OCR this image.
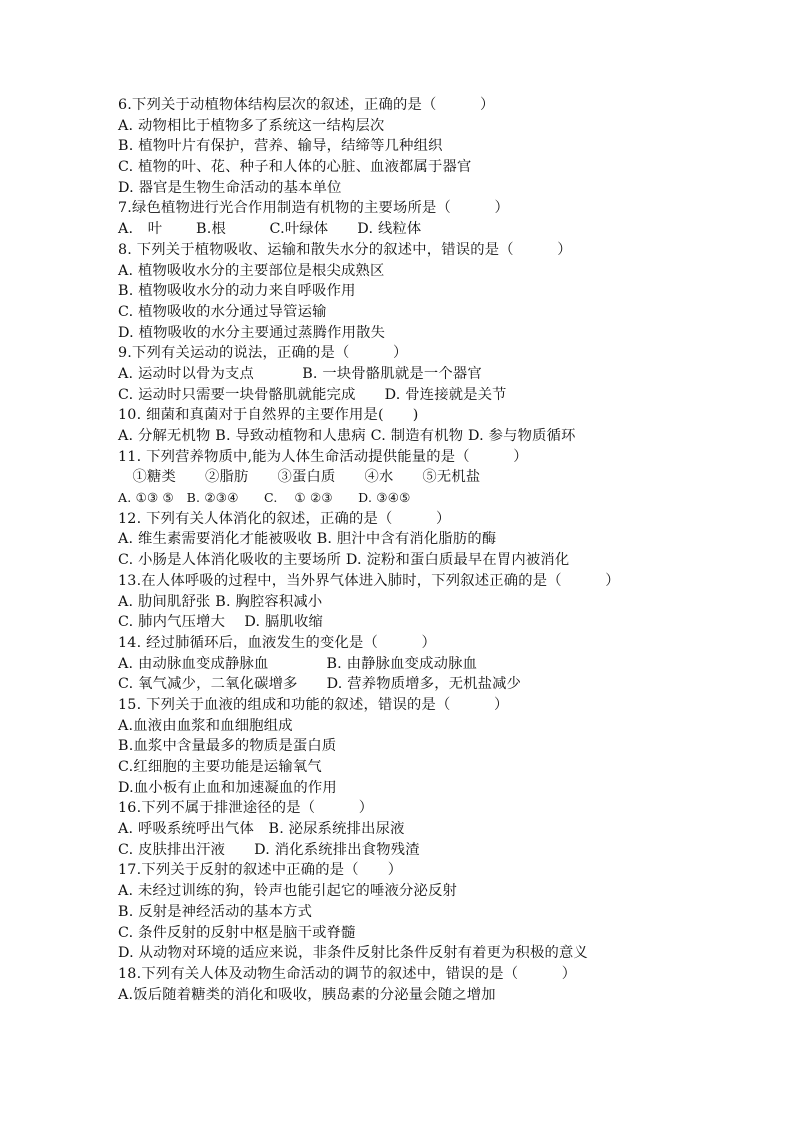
6.下列关于动植物体结构层次的叙述，正确的是（　　　）
A. 动物相比于植物多了系统这一结构层次
B. 植物叶片有保护，营养、输导，结缔等几种组织
C. 植物的叶、花、种子和人体的心脏、血液都属于器官
D. 器官是生物生命活动的基本单位
7.绿色植物进行光合作用制造有机物的主要场所是（　　　）
A.　叶　　 B.根　　　C.叶绿体　　D. 线粒体
8. 下列关于植物吸收、运输和散失水分的叙述中，错误的是（　　　）
A. 植物吸收水分的主要部位是根尖成熟区
B. 植物吸收水分的动力来自呼吸作用
C. 植物吸收的水分通过导管运输
D. 植物吸收的水分主要通过蒸腾作用散失
9.下列有关运动的说法，正确的是（　　　）
A. 运动时以骨为支点　　　 B. 一块骨骼肌就是一个器官
C. 运动时只需要一块骨骼肌就能完成　　D. 骨连接就是关节
10. 细菌和真菌对于自然界的主要作用是(　　)
A. 分解无机物 B. 导致动植物和人患病 C. 制造有机物 D. 参与物质循环
11. 下列营养物质中,能为人体生命活动提供能量的是（　　　）
　①糖类　　②脂肪　　③蛋白质　　④水　　⑤无机盐
A. ①③ ⑤　B. ②③④　　C.　 ① ②③　　D. ③④⑤
12. 下列有关人体消化的叙述，正确的是（　　　）
A. 维生素需要消化才能被吸收 B. 胆汁中含有消化脂肪的酶
C. 小肠是人体消化吸收的主要场所 D. 淀粉和蛋白质最早在胃内被消化
13.在人体呼吸的过程中，当外界气体进入肺时，下列叙述正确的是（　　　）
A. 肋间肌舒张 B. 胸腔容积减小
C. 肺内气压增大　 D. 膈肌收缩
14. 经过肺循环后，血液发生的变化是（　　　）
A. 由动脉血变成静脉血　　　　B. 由静脉血变成动脉血
C. 氧气减少，二氧化碳增多　　D. 营养物质增多，无机盐减少
15. 下列关于血液的组成和功能的叙述，错误的是（　　　）
A.血液由血浆和血细胞组成
B.血浆中含量最多的物质是蛋白质
C.红细胞的主要功能是运输氧气
D.血小板有止血和加速凝血的作用
16.下列不属于排泄途径的是（　　　）
A. 呼吸系统呼出气体　B. 泌尿系统排出尿液
C. 皮肤排出汗液　　D. 消化系统排出食物残渣
17.下列关于反射的叙述中正确的是（　　）
A. 未经过训练的狗，铃声也能引起它的唾液分泌反射
B. 反射是神经活动的基本方式
C. 条件反射的反射中枢是脑干或脊髓
D. 从动物对环境的适应来说，非条件反射比条件反射有着更为积极的意义
18.下列有关人体及动物生命活动的调节的叙述中，错误的是（　　　）
A.饭后随着糖类的消化和吸收，胰岛素的分泌量会随之增加
